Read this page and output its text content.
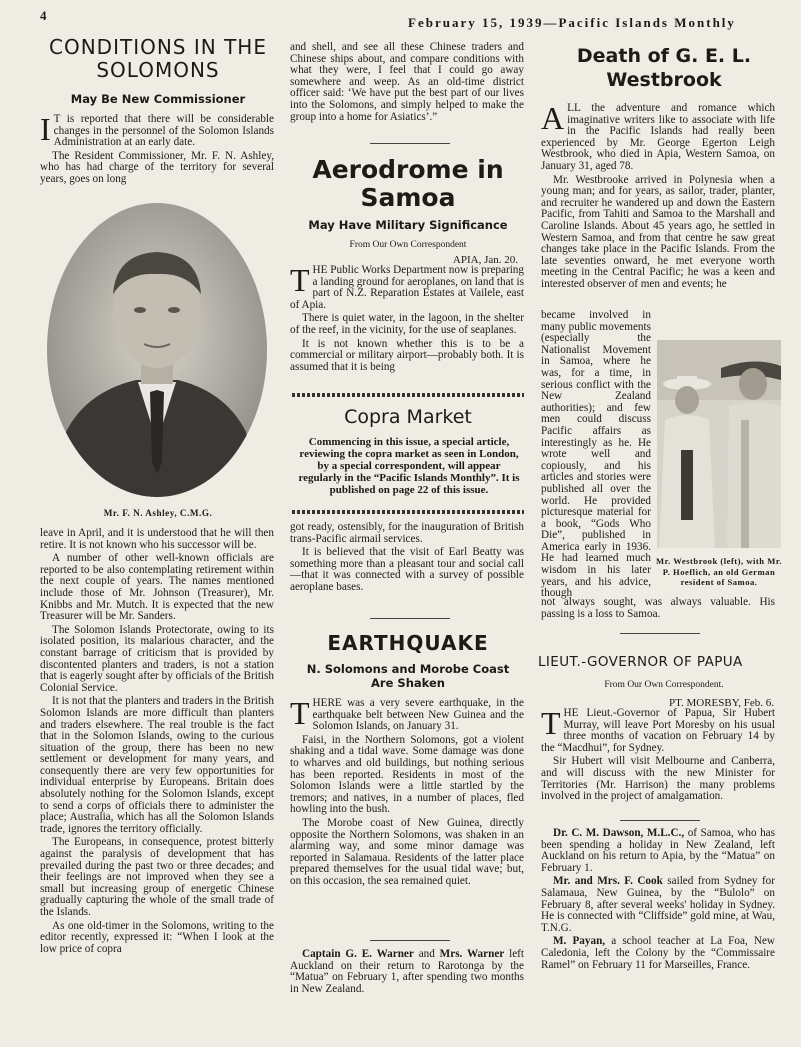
4	February 15, 1939—Pacific Islands Monthly
CONDITIONS IN THE
SOLOMONS
May Be New Commissioner

I T is reported that there will be considerable changes in the personnel of the Solomon Islands Administration at an early date.

The Resident Commissioner, Mr. F. N. Ashley, who has had charge of the territory for several years, goes on long

Mr. F. N. Ashley, C.M.G.

leave in April, and it is understood that he will then retire. It is not known who his successor will be.

A number of other well-known officials are reported to be also contemplating retirement within the next couple of years. The names mentioned include those of Mr. Johnson (Treasurer), Mr. Knibbs and Mr. Mutch. It is expected that the new Treasurer will be Mr. Sanders.

The Solomon Islands Protectorate, owing to its isolated position, its malarious character, and the constant barrage of criticism that is provided by discontented planters and traders, is not a station that is eagerly sought after by officials of the British Colonial Service.

It is not that the planters and traders in the British Solomon Islands are more difficult than planters and traders elsewhere. The real trouble is the fact that in the Solomon Islands, owing to the curious situation of the group, there has been no new settlement or development for many years, and consequently there are very few opportunities for individual enterprise by Europeans. Britain does absolutely nothing for the Solomon Islands, except to send a corps of officials there to administer the place; Australia, which has all the Solomon Islands trade, ignores the territory officially.

The Europeans, in consequence, protest bitterly against the paralysis of development that has prevailed during the past two or three decades; and their feelings are not improved when they see a small but increasing group of energetic Chinese gradually capturing the whole of the small trade of the Islands.

As one old-timer in the Solomons, writing to the editor recently, expressed it: “When I look at the low price of copra

and shell, and see all these Chinese traders and Chinese ships about, and compare conditions with what they were, I feel that I could go away somewhere and weep. As an old-time district officer said: ‘We have put the best part of our lives into the Solomons, and simply helped to make the group into a home for Asiatics’.”

Aerodrome in
Samoa
May Have Military Significance
From Our Own Correspondent
APIA, Jan. 20.

THE Public Works Department now is preparing a landing ground for aeroplanes, on land that is part of N.Z. Reparation Estates at Vailele, east of Apia.

There is quiet water, in the lagoon, in the shelter of the reef, in the vicinity, for the use of seaplanes.

It is not known whether this is to be a commercial or military airport—probably both. It is assumed that it is being

Copra Market
Commencing in this issue, a special article, reviewing the copra market as seen in London, by a special correspondent, will appear regularly in the “Pacific Islands Monthly”. It is published on page 22 of this issue.

got ready, ostensibly, for the inauguration of British trans-Pacific airmail services.

It is believed that the visit of Earl Beatty was something more than a pleasant tour and social call—that it was connected with a survey of possible aeroplane bases.

EARTHQUAKE
N. Solomons and Morobe Coast
Are Shaken

THERE was a very severe earthquake, in the earthquake belt between New Guinea and the Solomon Islands, on January 31.

Faisi, in the Northern Solomons, got a violent shaking and a tidal wave. Some damage was done to wharves and old buildings, but nothing serious has been reported. Residents in most of the Solomon Islands were a little startled by the tremors; and natives, in a number of places, fled howling into the bush.

The Morobe coast of New Guinea, directly opposite the Northern Solomons, was shaken in an alarming way, and some minor damage was reported in Salamaua. Residents of the latter place prepared themselves for the usual tidal wave; but, on this occasion, the sea remained quiet.

Captain G. E. Warner and Mrs. Warner left Auckland on their return to Rarotonga by the “Matua” on February 1, after spending two months in New Zealand.

Death of G. E. L.
Westbrook

ALL the adventure and romance which imaginative writers like to associate with life in the Pacific Islands had really been experienced by Mr. George Egerton Leigh Westbrook, who died in Apia, Western Samoa, on January 31, aged 78.

Mr. Westbrooke arrived in Polynesia when a young man; and for years, as sailor, trader, planter, and recruiter he wandered up and down the Eastern Pacific, from Tahiti and Samoa to the Marshall and Caroline Islands. About 45 years ago, he settled in Western Samoa, and from that centre he saw great changes take place in the Pacific Islands. From the late seventies onward, he met everyone worth meeting in the Central Pacific; he was a keen and interested observer of men and events; he

became involved in many public movements (especially the Nationalist Movement in Samoa, where he was, for a time, in serious conflict with the New Zealand authorities); and few men could discuss Pacific affairs as interestingly as he. He wrote well and copiously, and his articles and stories were published all over the world. He provided picturesque material for a book, “Gods Who Die”, published in America early in 1936. He had learned much wisdom in his later years, and his advice, though

Mr. Westbrook (left), with Mr. P. Hoeflich, an old German resident of Samoa.

not always sought, was always valuable. His passing is a loss to Samoa.

LIEUT.-GOVERNOR OF PAPUA
From Our Own Correspondent.
PT. MORESBY, Feb. 6.

THE Lieut.-Governor of Papua, Sir Hubert Murray, will leave Port Moresby on his usual three months of vacation on February 14 by the “Macdhui”, for Sydney.

Sir Hubert will visit Melbourne and Canberra, and will discuss with the new Minister for Territories (Mr. Harrison) the many problems involved in the project of amalgamation.

Dr. C. M. Dawson, M.L.C., of Samoa, who has been spending a holiday in New Zealand, left Auckland on his return to Apia, by the “Matua” on February 1.

Mr. and Mrs. F. Cook sailed from Sydney for Salamaua, New Guinea, by the “Bulolo” on February 8, after several weeks' holiday in Sydney. He is connected with “Cliffside” gold mine, at Wau, T.N.G.

M. Payan, a school teacher at La Foa, New Caledonia, left the Colony by the “Commissaire Ramel” on February 11 for Marseilles, France.
